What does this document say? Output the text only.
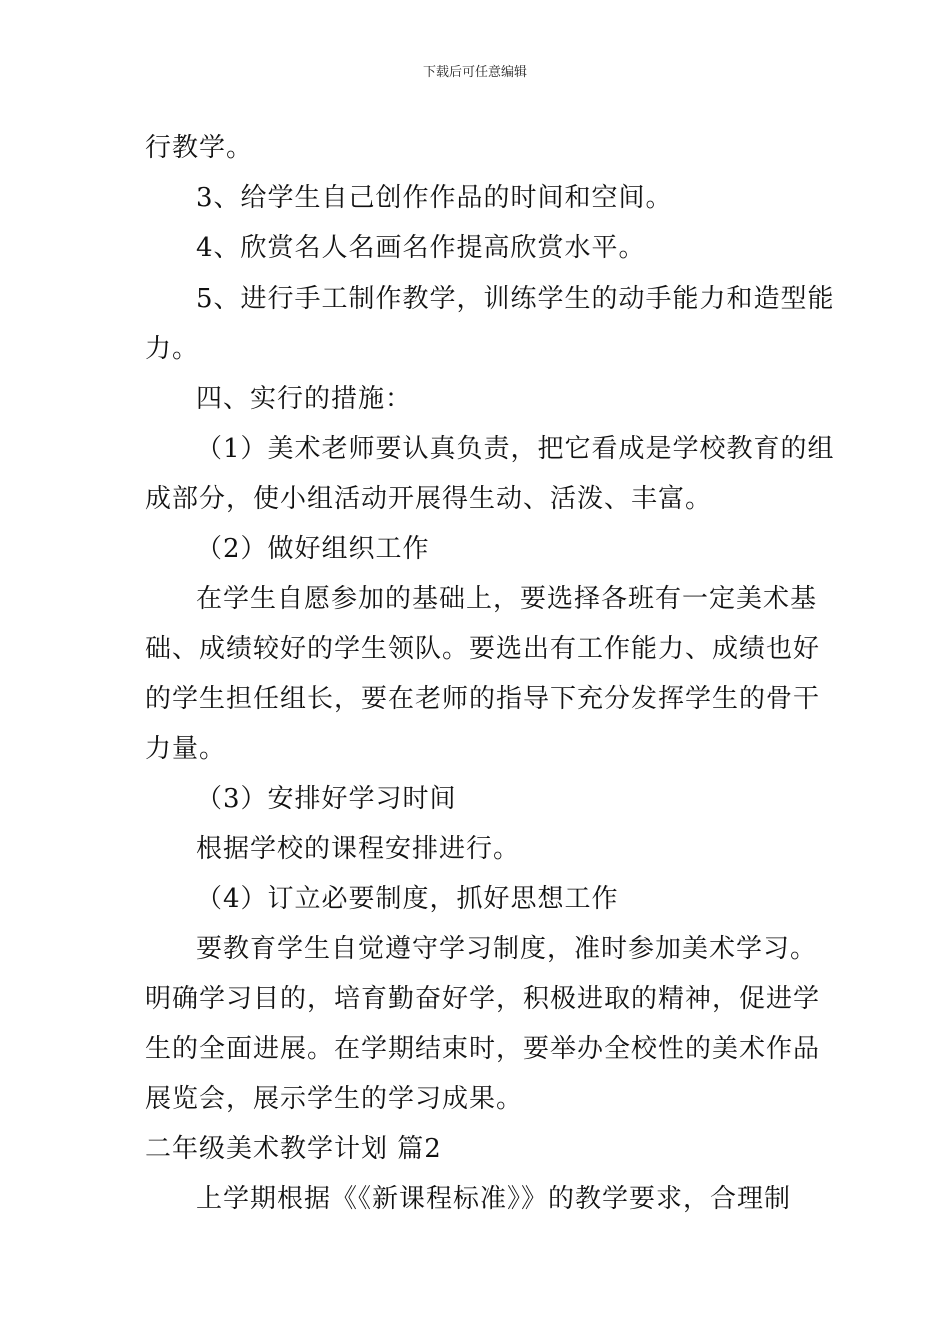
下载后可任意编辑
行教学。
3、给学生自己创作作品的时间和空间。
4、欣赏名人名画名作提高欣赏水平。
5、进行手工制作教学，训练学生的动手能力和造型能
力。
四、实行的措施：
（1）美术老师要认真负责，把它看成是学校教育的组
成部分，使小组活动开展得生动、活泼、丰富。
（2）做好组织工作
在学生自愿参加的基础上，要选择各班有一定美术基
础、成绩较好的学生领队。要选出有工作能力、成绩也好
的学生担任组长，要在老师的指导下充分发挥学生的骨干
力量。
（3）安排好学习时间
根据学校的课程安排进行。
（4）订立必要制度，抓好思想工作
要教育学生自觉遵守学习制度，准时参加美术学习。
明确学习目的，培育勤奋好学，积极进取的精神，促进学
生的全面进展。在学期结束时，要举办全校性的美术作品
展览会，展示学生的学习成果。
二年级美术教学计划 篇2
上学期根据《《新课程标准》》的教学要求，合理制
